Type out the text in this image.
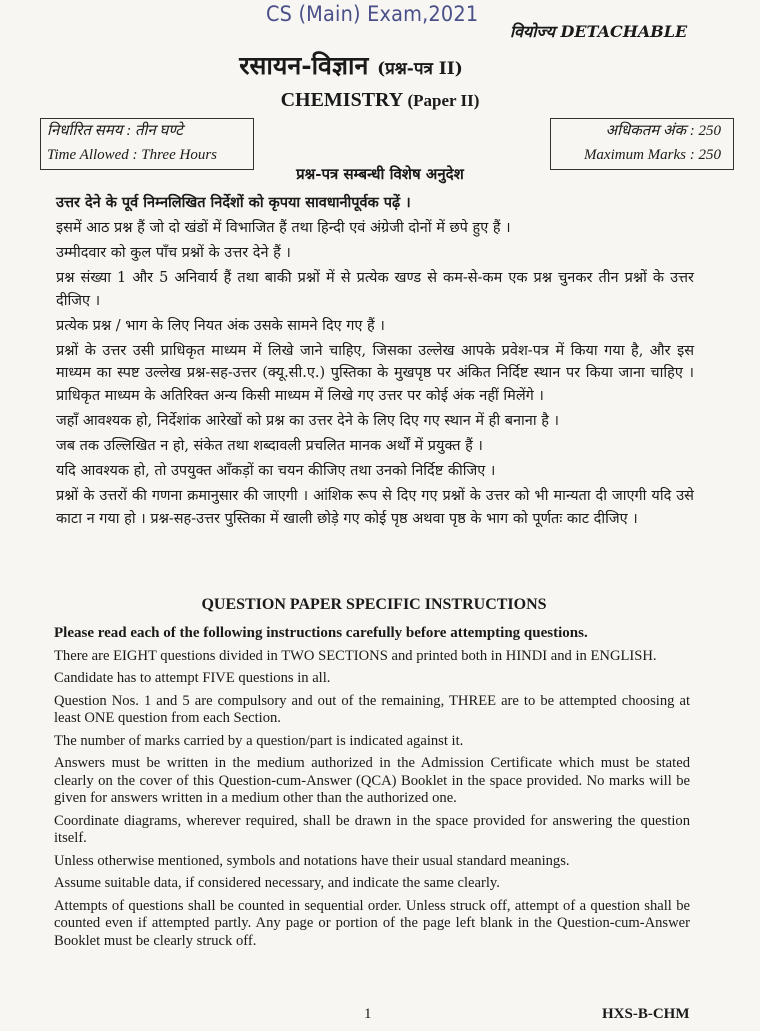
CS (Main) Exam,2021
वियोज्य DETACHABLE
रसायन-विज्ञान (प्रश्न-पत्र II)
CHEMISTRY (Paper II)
निर्धारित समय : तीन घण्टे
Time Allowed : Three Hours
अधिकतम अंक : 250
Maximum Marks : 250
प्रश्न-पत्र सम्बन्धी विशेष अनुदेश

उत्तर देने के पूर्व निम्नलिखित निर्देशों को कृपया सावधानीपूर्वक पढ़ें ।

इसमें आठ प्रश्न हैं जो दो खंडों में विभाजित हैं तथा हिन्दी एवं अंग्रेजी दोनों में छपे हुए हैं ।

उम्मीदवार को कुल पाँच प्रश्नों के उत्तर देने हैं ।

प्रश्न संख्या 1 और 5 अनिवार्य हैं तथा बाकी प्रश्नों में से प्रत्येक खण्ड से कम-से-कम एक प्रश्न चुनकर तीन प्रश्नों के उत्तर दीजिए ।

प्रत्येक प्रश्न / भाग के लिए नियत अंक उसके सामने दिए गए हैं ।

प्रश्नों के उत्तर उसी प्राधिकृत माध्यम में लिखे जाने चाहिए, जिसका उल्लेख आपके प्रवेश-पत्र में किया गया है, और इस माध्यम का स्पष्ट उल्लेख प्रश्न-सह-उत्तर (क्यू.सी.ए.) पुस्तिका के मुखपृष्ठ पर अंकित निर्दिष्ट स्थान पर किया जाना चाहिए । प्राधिकृत माध्यम के अतिरिक्त अन्य किसी माध्यम में लिखे गए उत्तर पर कोई अंक नहीं मिलेंगे ।

जहाँ आवश्यक हो, निर्देशांक आरेखों को प्रश्न का उत्तर देने के लिए दिए गए स्थान में ही बनाना है ।

जब तक उल्लिखित न हो, संकेत तथा शब्दावली प्रचलित मानक अर्थों में प्रयुक्त हैं ।

यदि आवश्यक हो, तो उपयुक्त आँकड़ों का चयन कीजिए तथा उनको निर्दिष्ट कीजिए ।

प्रश्नों के उत्तरों की गणना क्रमानुसार की जाएगी । आंशिक रूप से दिए गए प्रश्नों के उत्तर को भी मान्यता दी जाएगी यदि उसे काटा न गया हो । प्रश्न-सह-उत्तर पुस्तिका में खाली छोड़े गए कोई पृष्ठ अथवा पृष्ठ के भाग को पूर्णतः काट दीजिए ।

QUESTION PAPER SPECIFIC INSTRUCTIONS

Please read each of the following instructions carefully before attempting questions.

There are EIGHT questions divided in TWO SECTIONS and printed both in HINDI and in ENGLISH.

Candidate has to attempt FIVE questions in all.

Question Nos. 1 and 5 are compulsory and out of the remaining, THREE are to be attempted choosing at least ONE question from each Section.

The number of marks carried by a question/part is indicated against it.

Answers must be written in the medium authorized in the Admission Certificate which must be stated clearly on the cover of this Question-cum-Answer (QCA) Booklet in the space provided. No marks will be given for answers written in a medium other than the authorized one.

Coordinate diagrams, wherever required, shall be drawn in the space provided for answering the question itself.

Unless otherwise mentioned, symbols and notations have their usual standard meanings.

Assume suitable data, if considered necessary, and indicate the same clearly.

Attempts of questions shall be counted in sequential order. Unless struck off, attempt of a question shall be counted even if attempted partly. Any page or portion of the page left blank in the Question-cum-Answer Booklet must be clearly struck off.

1	HXS-B-CHM
